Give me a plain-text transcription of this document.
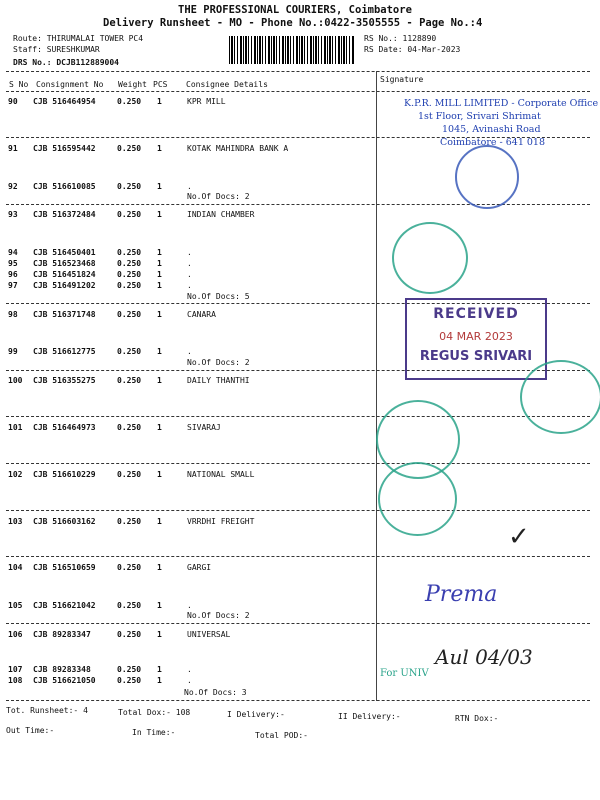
THE PROFESSIONAL COURIERS, Coimbatore
Delivery Runsheet - MO - Phone No.:0422-3505555 - Page No.:4
Route: THIRUMALAI TOWER PC4
Staff: SURESHKUMAR
DRS No.: DCJB112889004
RS No.: 1128890
RS Date: 04-Mar-2023
S No Consignment No Weight PCS Consignee Details
Signature
90 CJB 516464954	0.250 1	KPR MILL
91 CJB 516595442	0.250 1	KOTAK MAHINDRA BANK A
92 CJB 516610085	0.250 1	.
No.Of Docs: 2
93 CJB 516372484	0.250 1	INDIAN CHAMBER
94 CJB 516450401	0.250 1	.
95 CJB 516523468	0.250 1	.
96 CJB 516451824	0.250 1	.
97 CJB 516491202	0.250 1	.
No.Of Docs: 5
98 CJB 516371748	0.250 1	CANARA
99 CJB 516612775	0.250 1	.
No.Of Docs: 2
100 CJB 516355275	0.250 1	DAILY THANTHI
101 CJB 516464973	0.250 1	SIVARAJ
102 CJB 516610229	0.250 1	NATIONAL SMALL
103 CJB 516603162	0.250 1	VRRDHI FREIGHT
104 CJB 516510659	0.250 1	GARGI
105 CJB 516621042	0.250 1	.
No.Of Docs: 2
106 CJB 89283347	0.250 1	UNIVERSAL
107 CJB 89283348	0.250 1	.
108 CJB 516621050	0.250 1	.
No.Of Docs: 3
Tot. Runsheet:- 4	Total Dox:- 108	I Delivery:-	II Delivery:-	RTN Dox:-
Out Time:-	In Time:-	Total POD:-
K.P.R. MILL LIMITED - Corporate Office
1st Floor, Srivari Shrimat
1045, Avinashi Road
Coimbatore - 641 018
RECEIVED
04 MAR 2023
REGUS SRIVARI
✓
Prema
For UNIV
Aul 04/03
